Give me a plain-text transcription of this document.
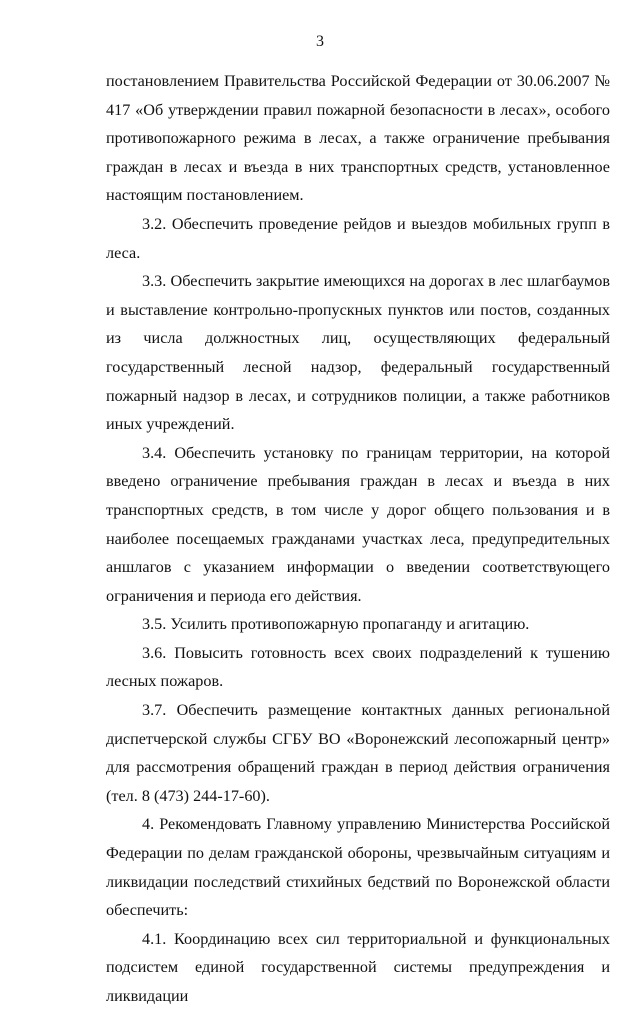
3

постановлением Правительства Российской Федерации от 30.06.2007 № 417 «Об утверждении правил пожарной безопасности в лесах», особого противопожарного режима в лесах, а также ограничение пребывания граждан в лесах и въезда в них транспортных средств, установленное настоящим постановлением.

3.2. Обеспечить проведение рейдов и выездов мобильных групп в леса.

3.3. Обеспечить закрытие имеющихся на дорогах в лес шлагбаумов и выставление контрольно-пропускных пунктов или постов, созданных из числа должностных лиц, осуществляющих федеральный государственный лесной надзор, федеральный государственный пожарный надзор в лесах, и сотрудников полиции, а также работников иных учреждений.

3.4. Обеспечить установку по границам территории, на которой введено ограничение пребывания граждан в лесах и въезда в них транспортных средств, в том числе у дорог общего пользования и в наиболее посещаемых гражданами участках леса, предупредительных аншлагов с указанием информации о введении соответствующего ограничения и периода его действия.

3.5. Усилить противопожарную пропаганду и агитацию.

3.6. Повысить готовность всех своих подразделений к тушению лесных пожаров.

3.7. Обеспечить размещение контактных данных региональной диспетчерской службы СГБУ ВО «Воронежский лесопожарный центр» для рассмотрения обращений граждан в период действия ограничения (тел. 8 (473) 244-17-60).

4. Рекомендовать Главному управлению Министерства Российской Федерации по делам гражданской обороны, чрезвычайным ситуациям и ликвидации последствий стихийных бедствий по Воронежской области обеспечить:

4.1. Координацию всех сил территориальной и функциональных подсистем единой государственной системы предупреждения и ликвидации
